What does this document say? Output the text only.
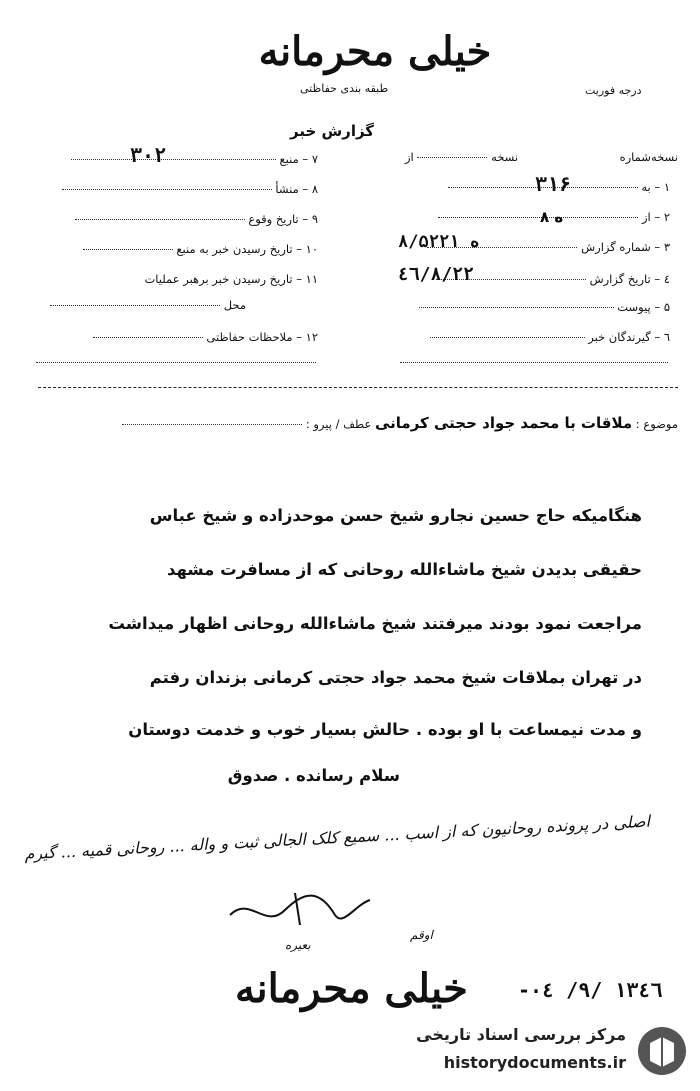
خیلی محرمانه
طبقه بندی حفاظتی	درجه فوریت
گزارش خبر
نسخه  از	نسخه‌شماره
۱ – به
۳۱۶
۲ – از
۸ ه
۳ – شماره گزارش
۸/۵۲۲۱ ه
٤ – تاریخ گزارش
٤٦/٨/٢٢
۵ – پیوست
٦ – گیرندگان خبر
۷ – منبع
۳۰۲
۸ – منشأ
۹ – تاریخ وقوع
۱۰ – تاریخ رسیدن خبر به منبع
۱۱ – تاریخ رسیدن خبر برهبر عملیات
محل
۱۲ – ملاحظات حفاظتی
موضوع : ملاقات با محمد جواد حجتی کرمانی عطف / پیرو :
هنگامیکه حاج حسین نجارو شیخ حسن موحدزاده و شیخ عباس
حقیقی بدیدن شیخ ماشاءالله روحانی که از مسافرت مشهد
مراجعت نمود بودند میرفتند شیخ ماشاءالله روحانی اظهار میداشت
در تهران بملاقات شیخ محمد جواد حجتی کرمانی بزندان رفتم
و مدت نیمساعت با او بوده . حالش بسیار خوب و خدمت دوستان
سلام رسانده . صدوق
اصلی در پرونده روحانیون که از اسب ... سمیع کلک الجالی ثبت و واله ... روحانی قمیه ... گیرم
اوقم
بعیره
-۰٤ /۹/ ۱۳٤٦
خیلی محرمانه
مرکز بررسی اسناد تاریخی
historydocuments.ir
